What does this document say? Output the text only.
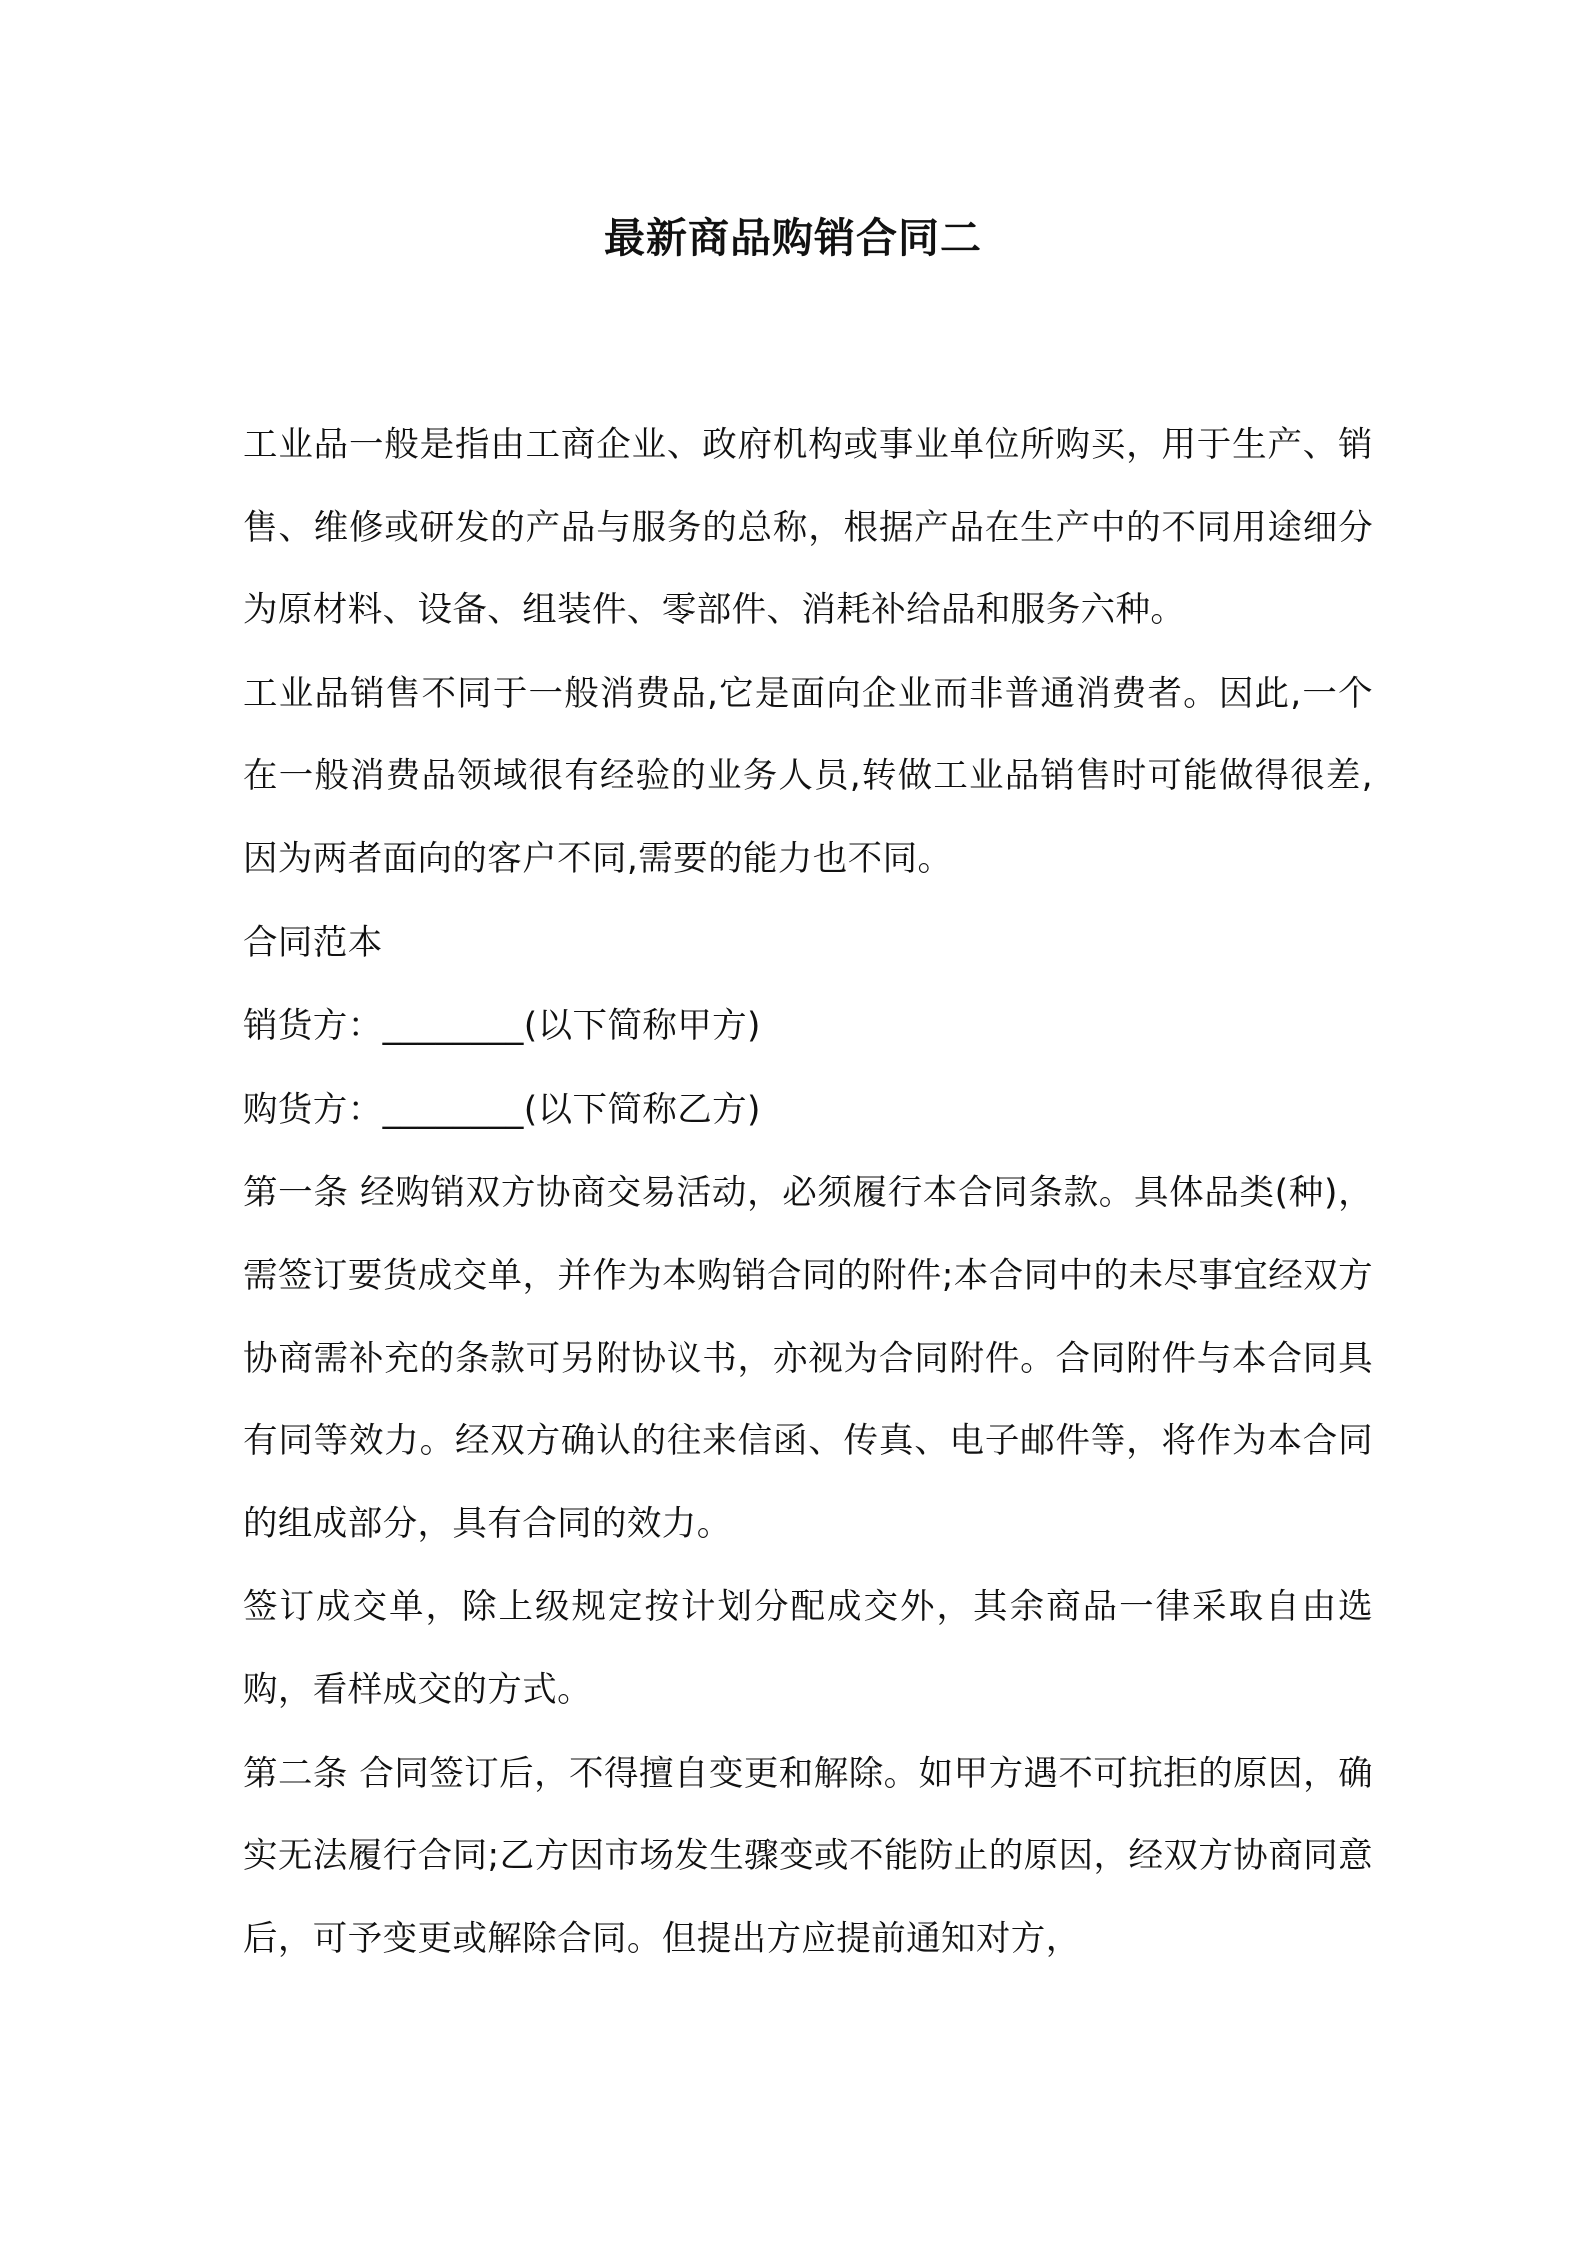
最新商品购销合同二

工业品一般是指由工商企业、政府机构或事业单位所购买，用于生产、销售、维修或研发的产品与服务的总称，根据产品在生产中的不同用途细分为原材料、设备、组装件、零部件、消耗补给品和服务六种。

工业品销售不同于一般消费品,它是面向企业而非普通消费者。因此,一个在一般消费品领域很有经验的业务人员,转做工业品销售时可能做得很差,因为两者面向的客户不同,需要的能力也不同。

合同范本

销货方：________(以下简称甲方)

购货方：________(以下简称乙方)

第一条 经购销双方协商交易活动，必须履行本合同条款。具体品类(种)，需签订要货成交单，并作为本购销合同的附件;本合同中的未尽事宜经双方协商需补充的条款可另附协议书，亦视为合同附件。合同附件与本合同具有同等效力。经双方确认的往来信函、传真、电子邮件等，将作为本合同的组成部分，具有合同的效力。

签订成交单，除上级规定按计划分配成交外，其余商品一律采取自由选购，看样成交的方式。

第二条 合同签订后，不得擅自变更和解除。如甲方遇不可抗拒的原因，确实无法履行合同;乙方因市场发生骤变或不能防止的原因，经双方协商同意后，可予变更或解除合同。但提出方应提前通知对方，
